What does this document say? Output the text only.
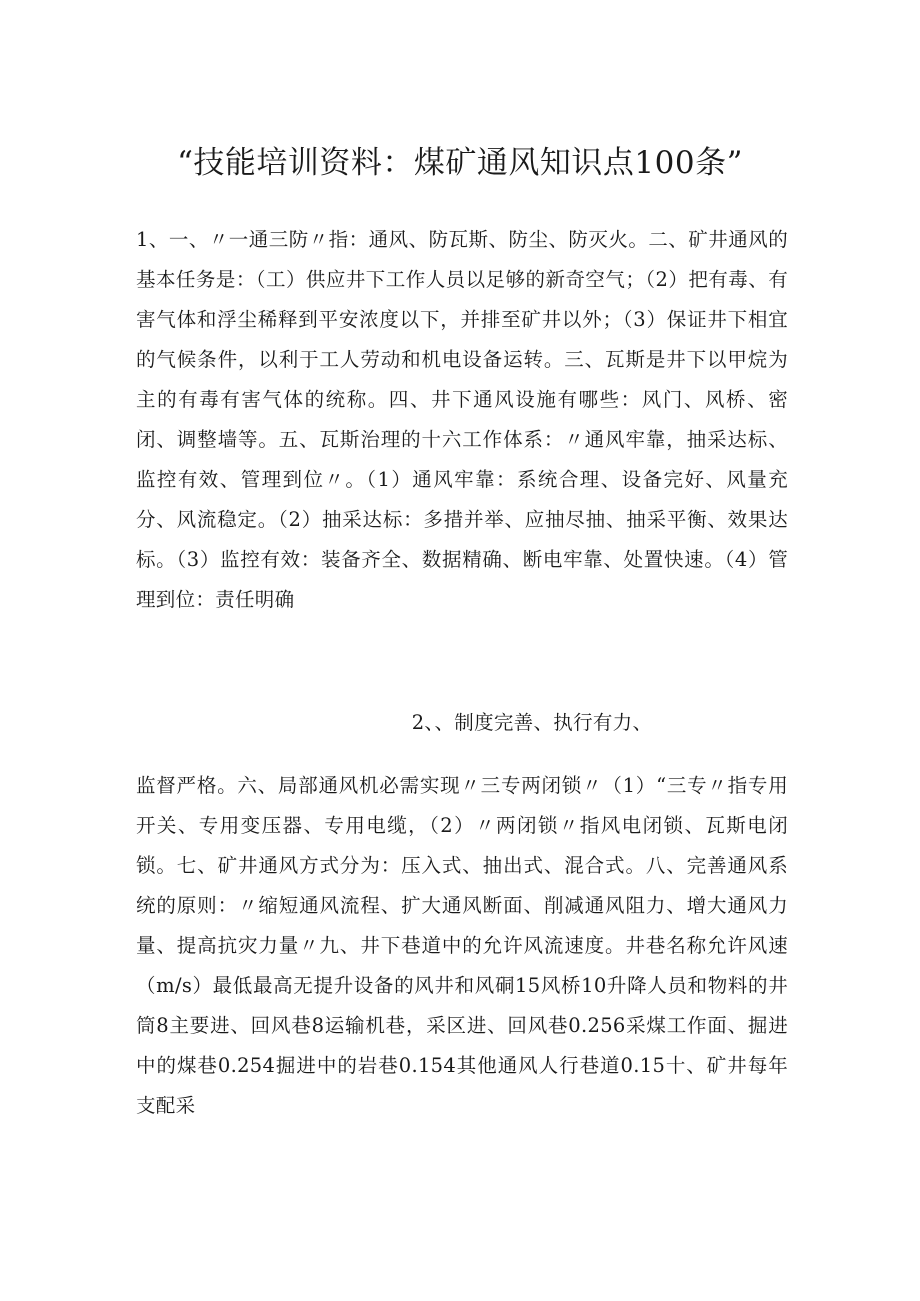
“技能培训资料：煤矿通风知识点100条”
1、一、〃一通三防〃指：通风、防瓦斯、防尘、防灭火。二、矿井通风的基本任务是：（工）供应井下工作人员以足够的新奇空气；（2）把有毒、有害气体和浮尘稀释到平安浓度以下，并排至矿井以外；（3）保证井下相宜的气候条件，以利于工人劳动和机电设备运转。三、瓦斯是井下以甲烷为主的有毒有害气体的统称。四、井下通风设施有哪些：风门、风桥、密闭、调整墙等。五、瓦斯治理的十六工作体系：〃通风牢靠，抽采达标、监控有效、管理到位〃。（1）通风牢靠：系统合理、设备完好、风量充分、风流稳定。（2）抽采达标：多措并举、应抽尽抽、抽采平衡、效果达标。（3）监控有效：装备齐全、数据精确、断电牢靠、处置快速。（4）管理到位：责任明确
2、、制度完善、执行有力、
监督严格。六、局部通风机必需实现〃三专两闭锁〃（1）“三专〃指专用开关、专用变压器、专用电缆，（2）〃两闭锁〃指风电闭锁、瓦斯电闭锁。七、矿井通风方式分为：压入式、抽出式、混合式。八、完善通风系统的原则：〃缩短通风流程、扩大通风断面、削减通风阻力、增大通风力量、提高抗灾力量〃九、井下巷道中的允许风流速度。井巷名称允许风速（m/s）最低最高无提升设备的风井和风硐15风桥10升降人员和物料的井筒8主要进、回风巷8运输机巷，采区进、回风巷0.256采煤工作面、掘进中的煤巷0.254掘进中的岩巷0.154其他通风人行巷道0.15十、矿井每年支配采
